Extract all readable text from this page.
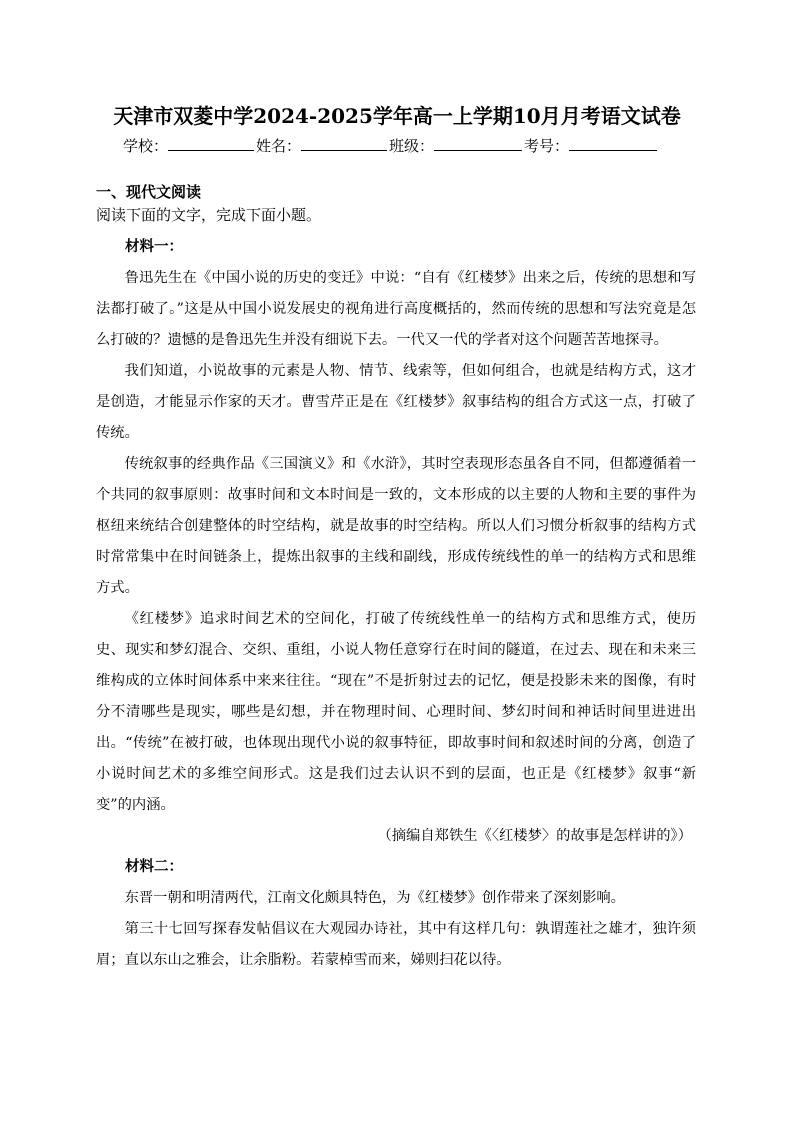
天津市双菱中学2024-2025学年高一上学期10月月考语文试卷
学校：	姓名：	班级：	考号：
一、现代文阅读
阅读下面的文字，完成下面小题。

材料一：

鲁迅先生在《中国小说的历史的变迁》中说：“自有《红楼梦》出来之后，传统的思想和写法都打破了。”这是从中国小说发展史的视角进行高度概括的，然而传统的思想和写法究竟是怎么打破的？遗憾的是鲁迅先生并没有细说下去。一代又一代的学者对这个问题苦苦地探寻。

我们知道，小说故事的元素是人物、情节、线索等，但如何组合，也就是结构方式，这才是创造，才能显示作家的天才。曹雪芹正是在《红楼梦》叙事结构的组合方式这一点，打破了传统。

传统叙事的经典作品《三国演义》和《水浒》，其时空表现形态虽各自不同，但都遵循着一个共同的叙事原则：故事时间和文本时间是一致的，文本形成的以主要的人物和主要的事件为枢纽来统结合创建整体的时空结构，就是故事的时空结构。所以人们习惯分析叙事的结构方式时常常集中在时间链条上，提炼出叙事的主线和副线，形成传统线性的单一的结构方式和思维方式。

《红楼梦》追求时间艺术的空间化，打破了传统线性单一的结构方式和思维方式，使历史、现实和梦幻混合、交织、重组，小说人物任意穿行在时间的隧道，在过去、现在和未来三维构成的立体时间体系中来来往往。“现在”不是折射过去的记忆，便是投影未来的图像，有时分不清哪些是现实，哪些是幻想，并在物理时间、心理时间、梦幻时间和神话时间里进进出出。“传统”在被打破，也体现出现代小说的叙事特征，即故事时间和叙述时间的分离，创造了小说时间艺术的多维空间形式。这是我们过去认识不到的层面，也正是《红楼梦》叙事“新变”的内涵。

（摘编自郑铁生《〈红楼梦〉的故事是怎样讲的》）

材料二：

东晋一朝和明清两代，江南文化颇具特色，为《红楼梦》创作带来了深刻影响。

第三十七回写探春发帖倡议在大观园办诗社，其中有这样几句：孰谓莲社之雄才，独许须眉；直以东山之雅会，让余脂粉。若蒙棹雪而来，娣则扫花以待。
